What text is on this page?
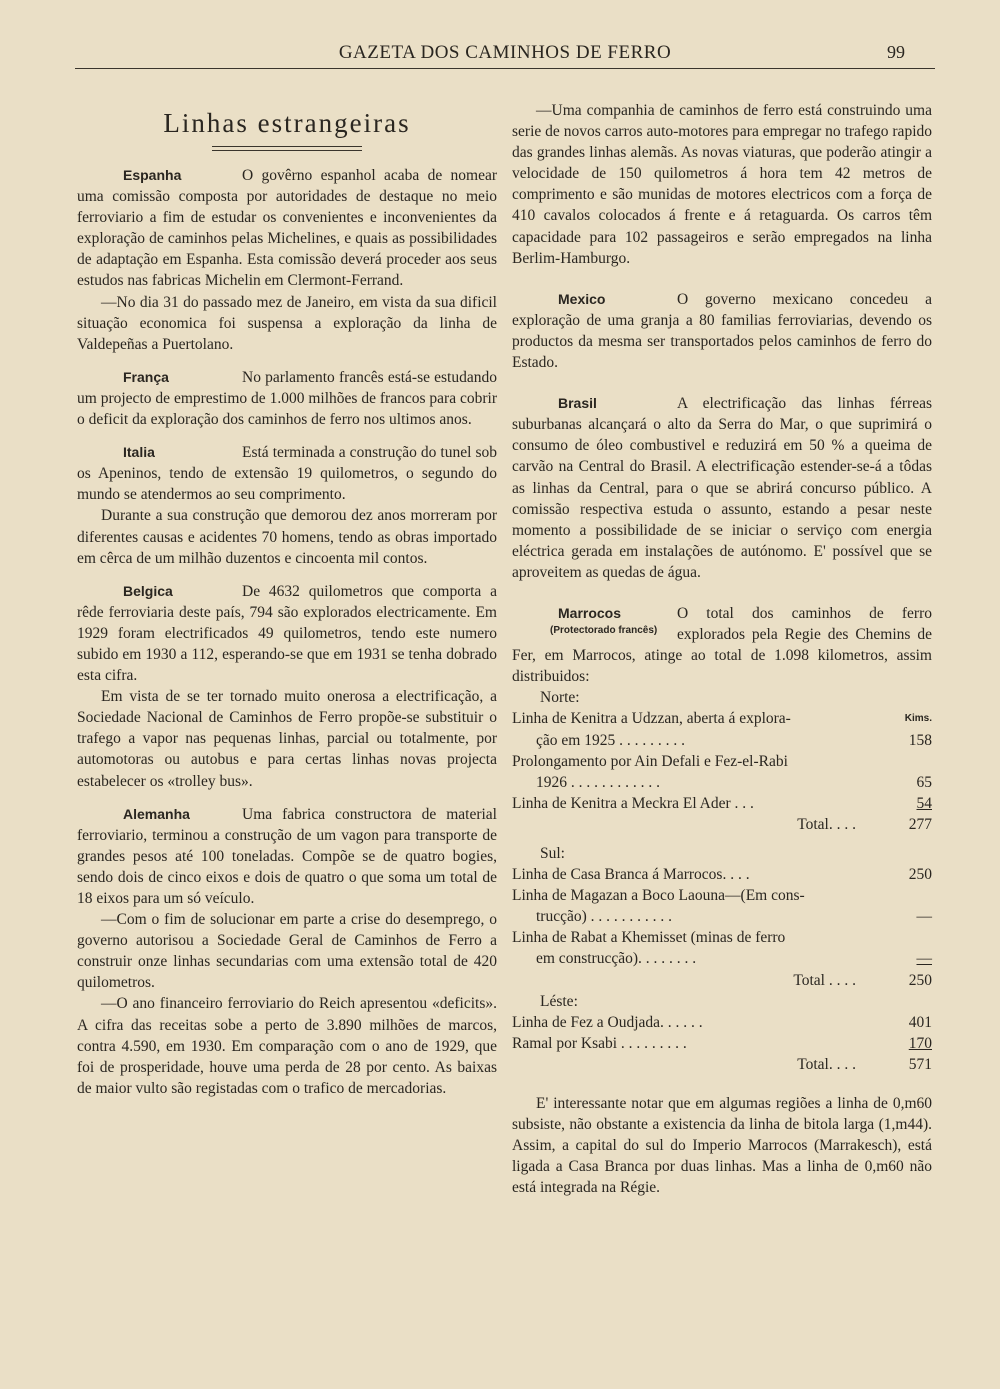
GAZETA DOS CAMINHOS DE FERRO	99
Linhas estrangeiras

Espanha	O govêrno espanhol acaba de nomear uma comissão composta por autoridades de destaque no meio ferroviario a fim de estudar os convenientes e inconvenientes da exploração de caminhos pelas Michelines, e quais as possibilidades de adaptação em Espanha. Esta comissão deverá proceder aos seus estudos nas fabricas Michelin em Clermont-Ferrand.

—No dia 31 do passado mez de Janeiro, em vista da sua dificil situação economica foi suspensa a exploração da linha de Valdepeñas a Puertolano.

França	No parlamento francês está-se estudando um projecto de emprestimo de 1.000 milhões de francos para cobrir o deficit da exploração dos caminhos de ferro nos ultimos anos.

Italia	Está terminada a construção do tunel sob os Apeninos, tendo de extensão 19 quilometros, o segundo do mundo se atendermos ao seu comprimento.

Durante a sua construção que demorou dez anos morreram por diferentes causas e acidentes 70 homens, tendo as obras importado em cêrca de um milhão duzentos e cincoenta mil contos.

Belgica	De 4632 quilometros que comporta a rêde ferroviaria deste país, 794 são explorados electricamente. Em 1929 foram electrificados 49 quilometros, tendo este numero subido em 1930 a 112, esperando-se que em 1931 se tenha dobrado esta cifra.

Em vista de se ter tornado muito onerosa a electrificação, a Sociedade Nacional de Caminhos de Ferro propõe-se substituir o trafego a vapor nas pequenas linhas, parcial ou totalmente, por automotoras ou autobus e para certas linhas novas projecta estabelecer os «trolley bus».

Alemanha	Uma fabrica constructora de material ferroviario, terminou a construção de um vagon para transporte de grandes pesos até 100 toneladas. Compõe se de quatro bogies, sendo dois de cinco eixos e dois de quatro o que soma um total de 18 eixos para um só veículo.

—Com o fim de solucionar em parte a crise do desemprego, o governo autorisou a Sociedade Geral de Caminhos de Ferro a construir onze linhas secundarias com uma extensão total de 420 quilometros.

—O ano financeiro ferroviario do Reich apresentou «deficits». A cifra das receitas sobe a perto de 3.890 milhões de marcos, contra 4.590, em 1930. Em comparação com o ano de 1929, que foi de prosperidade, houve uma perda de 28 por cento. As baixas de maior vulto são registadas com o trafico de mercadorias.

—Uma companhia de caminhos de ferro está construindo uma serie de novos carros auto-motores para empregar no trafego rapido das grandes linhas alemãs. As novas viaturas, que poderão atingir a velocidade de 150 quilometros á hora tem 42 metros de comprimento e são munidas de motores electricos com a força de 410 cavalos colocados á frente e á retaguarda. Os carros têm capacidade para 102 passageiros e serão empregados na linha Berlim-Hamburgo.

Mexico	O governo mexicano concedeu a exploração de uma granja a 80 familias ferroviarias, devendo os productos da mesma ser transportados pelos caminhos de ferro do Estado.

Brasil	A electrificação das linhas férreas suburbanas alcançará o alto da Serra do Mar, o que suprimirá o consumo de óleo combustivel e reduzirá em 50 % a queima de carvão na Central do Brasil. A electrificação estender-se-á a tôdas as linhas da Central, para o que se abrirá concurso público. A comissão respectiva estuda o assunto, estando a pesar neste momento a possibilidade de se iniciar o serviço com energia eléctrica gerada em instalações de autónomo. E' possível que se aproveitem as quedas de água.

Marrocos
(Protectorado francês)
O total dos caminhos de ferro explorados pela Regie des Chemins de Fer, em Marrocos, atinge ao total de 1.098 kilometros, assim distribuidos:

Norte:
Linha de Kenitra a Udzzan, aberta á explora-	Kims.
ção em 1925 . . . . . . . . .	158
Prolongamento por Ain Defali e Fez-el-Rabi
1926 . . . . . . . . . . . .	65
Linha de Kenitra a Meckra El Ader . . .	54
Total. . . .	277
Sul:
Linha de Casa Branca á Marrocos. . . .	250
Linha de Magazan a Boco Laouna—(Em cons-
trucção) . . . . . . . . . . .	—
Linha de Rabat a Khemisset (minas de ferro
em construcção). . . . . . . .	—
Total . . . .	250
Léste:
Linha de Fez a Oudjada. . . . . .	401
Ramal por Ksabi . . . . . . . . .	170
Total. . . .	571

E' interessante notar que em algumas regiões a linha de 0,m60 subsiste, não obstante a existencia da linha de bitola larga (1,m44). Assim, a capital do sul do Imperio Marrocos (Marrakesch), está ligada a Casa Branca por duas linhas. Mas a linha de 0,m60 não está integrada na Régie.
